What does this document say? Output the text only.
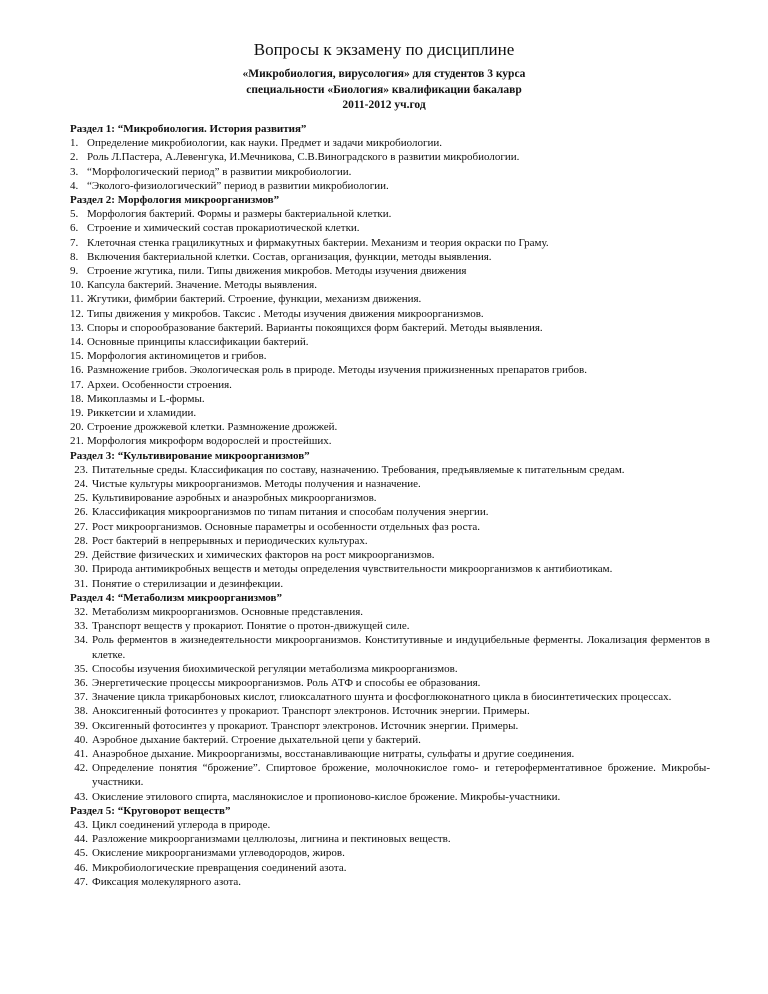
Вопросы к экзамену по дисциплине
«Микробиология, вирусология» для студентов 3 курса
специальности «Биология» квалификации бакалавр
2011-2012 уч.год
Раздел 1: “Микробиология. История развития”
1. Определение микробиологии, как науки. Предмет и задачи микробиологии.
2. Роль Л.Пастера, А.Левенгука, И.Мечникова, С.В.Виноградского в развитии микробиологии.
3. “Морфологический период” в развитии микробиологии.
4. “Эколого-физиологический” период в развитии микробиологии.
Раздел 2: Морфология микроорганизмов”
5. Морфология бактерий. Формы и размеры бактериальной клетки.
6. Строение и химический состав прокариотической клетки.
7. Клеточная стенка грациликутных и фирмакутных бактерии. Механизм и теория окраски по Граму.
8. Включения бактериальной клетки. Состав, организация, функции, методы выявления.
9. Строение жгутика, пили. Типы движения микробов. Методы изучения движения
10. Капсула бактерий. Значение. Методы выявления.
11. Жгутики, фимбрии бактерий. Строение, функции, механизм движения.
12. Типы движения у микробов. Таксис . Методы изучения движения микроорганизмов.
13. Споры и спорообразование бактерий. Варианты покоящихся форм бактерий. Методы выявления.
14. Основные принципы классификации бактерий.
15. Морфология актиномицетов и грибов.
16. Размножение грибов. Экологическая роль в природе. Методы изучения прижизненных препаратов грибов.
17. Археи. Особенности строения.
18. Микоплазмы и L-формы.
19. Риккетсии и хламидии.
20. Строение дрожжевой клетки. Размножение дрожжей.
21. Морфология микроформ водорослей и простейших.
Раздел 3: “Культивирование микроорганизмов”
23. Питательные среды. Классификация по составу, назначению. Требования, предъявляемые к питательным средам.
24. Чистые культуры микроорганизмов. Методы получения и назначение.
25. Культивирование аэробных и анаэробных микроорганизмов.
26. Классификация микроорганизмов по типам питания и способам получения энергии.
27. Рост микроорганизмов. Основные параметры и особенности отдельных фаз роста.
28. Рост бактерий в непрерывных и периодических культурах.
29. Действие физических и химических факторов на рост микроорганизмов.
30. Природа антимикробных веществ и методы определения чувствительности микроорганизмов к антибиотикам.
31. Понятие о стерилизации и дезинфекции.
Раздел 4: “Метаболизм микроорганизмов”
32. Метаболизм микроорганизмов. Основные представления.
33. Транспорт веществ у прокариот. Понятие о протон-движущей силе.
34. Роль ферментов в жизнедеятельности микроорганизмов. Конститутивные и индуцибельные ферменты. Локализация ферментов в клетке.
35. Способы изучения биохимической регуляции метаболизма микроорганизмов.
36. Энергетические процессы микроорганизмов. Роль АТФ и способы ее образования.
37. Значение цикла трикарбоновых кислот, глиоксалатного шунта и фосфоглюконатного цикла в биосинтетических процессах.
38. Аноксигенный фотосинтез у прокариот. Транспорт электронов. Источник энергии. Примеры.
39. Оксигенный фотосинтез у прокариот. Транспорт электронов. Источник энергии. Примеры.
40. Аэробное дыхание бактерий. Строение дыхательной цепи у бактерий.
41. Анаэробное дыхание. Микроорганизмы, восстанавливающие нитраты, сульфаты и другие соединения.
42. Определение понятия “брожение”. Спиртовое брожение, молочнокислое гомо- и гетероферментативное брожение. Микробы-участники.
43. Окисление этилового спирта, маслянокислое и пропионово-кислое брожение. Микробы-участники.
Раздел 5: “Круговорот веществ”
43. Цикл соединений углерода в природе.
44. Разложение микроорганизмами целлюлозы, лигнина и пектиновых веществ.
45. Окисление микроорганизмами углеводородов, жиров.
46. Микробиологические превращения соединений азота.
47. Фиксация молекулярного азота.
